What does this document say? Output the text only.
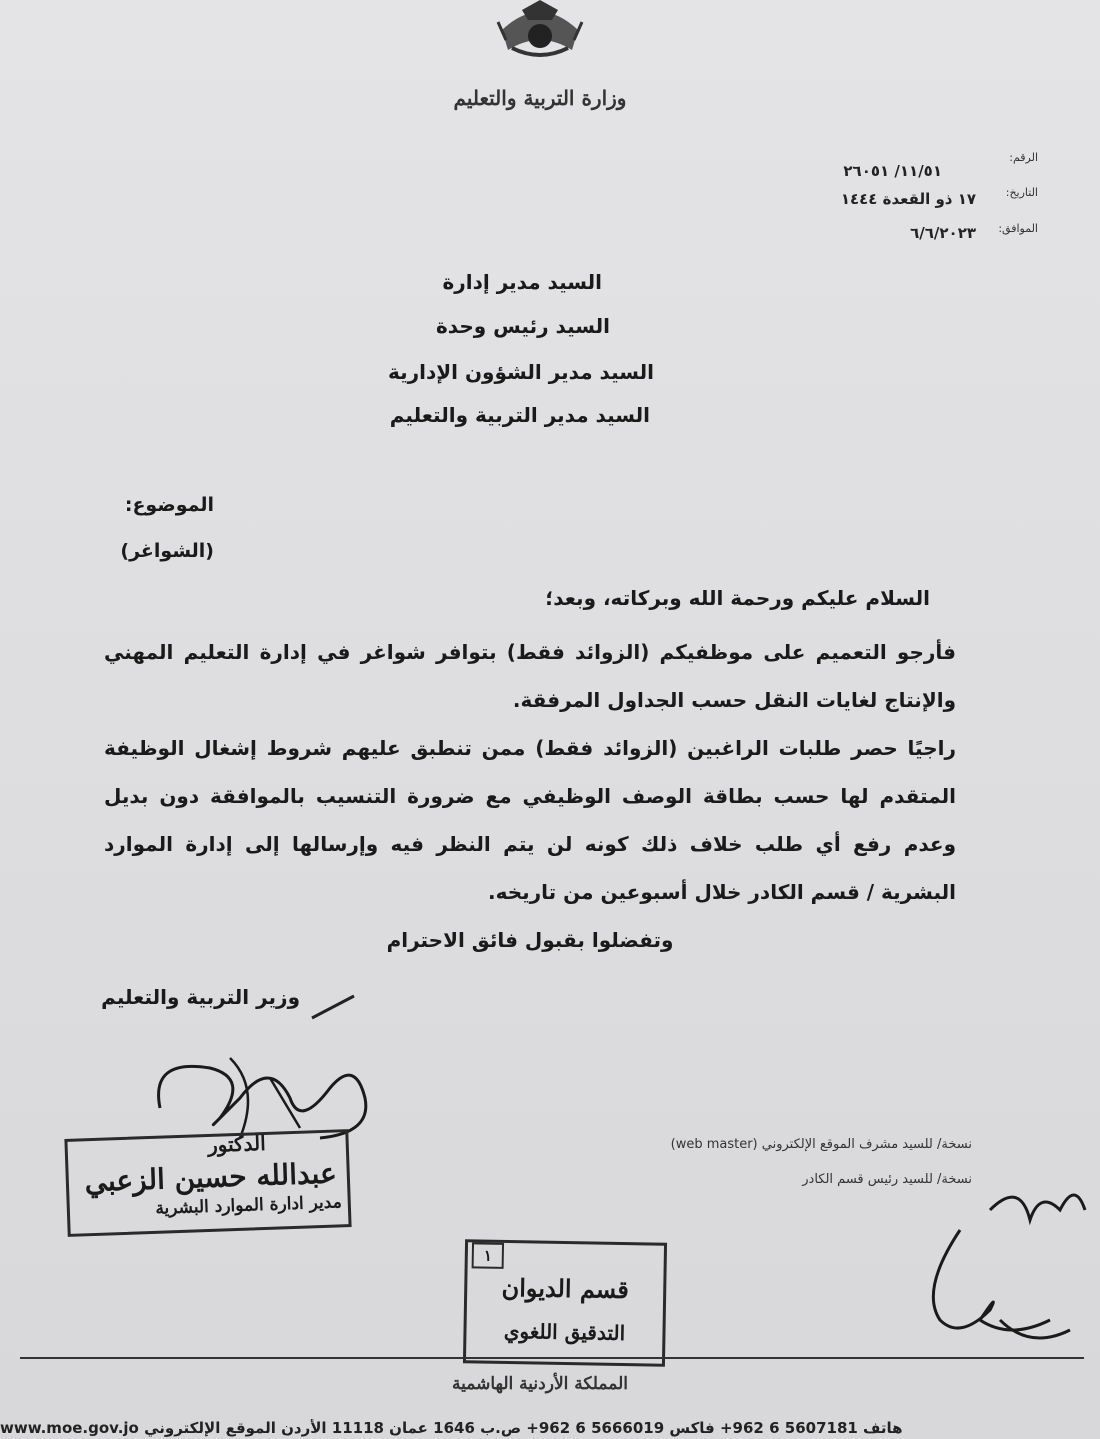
وزارة التربية والتعليم
الرقم:
١١/٥١/ ٢٦٠٥١
التاريخ:
١٧ ذو القعدة ١٤٤٤
الموافق:
٦/٦/٢٠٢٣
السيد مدير إدارة
السيد رئيس وحدة
السيد مدير الشؤون الإدارية
السيد مدير التربية والتعليم
الموضوع:
(الشواغر)
السلام عليكم ورحمة الله وبركاته، وبعد؛
فأرجو التعميم على موظفيكم (الزوائد فقط) بتوافر شواغر في إدارة التعليم المهني والإنتاج لغايات النقل حسب الجداول المرفقة.
راجيًا حصر طلبات الراغبين (الزوائد فقط) ممن تنطبق عليهم شروط إشغال الوظيفة المتقدم لها حسب بطاقة الوصف الوظيفي مع ضرورة التنسيب بالموافقة دون بديل وعدم رفع أي طلب خلاف ذلك كونه لن يتم النظر فيه وإرسالها إلى إدارة الموارد البشرية / قسم الكادر خلال أسبوعين من تاريخه.
وتفضلوا بقبول فائق الاحترام
وزير التربية والتعليم
الدكتور
عبدالله حسين الزعبي
مدير ادارة الموارد البشرية
نسخة/ للسيد مشرف الموقع الإلكتروني (web master)
نسخة/ للسيد رئيس قسم الكادر
١
قسم الديوان
التدقيق اللغوي
المملكة الأردنية الهاشمية
هاتف 5607181 6 962+ فاكس 5666019 6 962+ ص.ب 1646 عمان 11118 الأردن الموقع الإلكتروني www.moe.gov.jo
